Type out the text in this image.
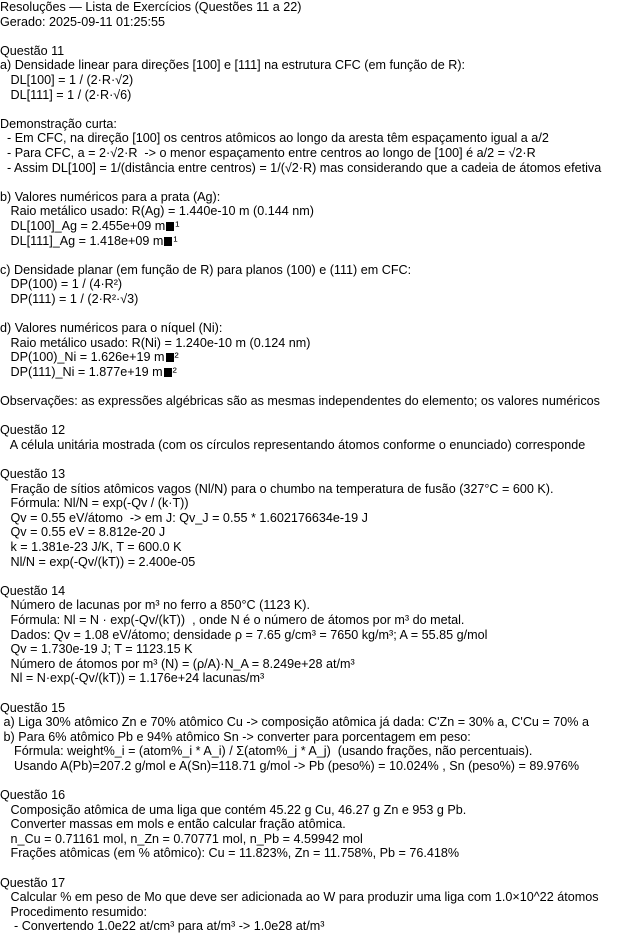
Resoluções — Lista de Exercícios (Questões 11 a 22)
Gerado: 2025-09-11 01:25:55
Questão 11
a) Densidade linear para direções [100] e [111] na estrutura CFC (em função de R):
DL[100] = 1 / (2·R·√2)
DL[111] = 1 / (2·R·√6)
Demonstração curta:
- Em CFC, na direção [100] os centros atômicos ao longo da aresta têm espaçamento igual a a/2
- Para CFC, a = 2·√2·R  -> o menor espaçamento entre centros ao longo de [100] é a/2 = √2·R
- Assim DL[100] = 1/(distância entre centros) = 1/(√2·R) mas considerando que a cadeia de átomos efetiva
b) Valores numéricos para a prata (Ag):
Raio metálico usado: R(Ag) = 1.440e-10 m (0.144 nm)
DL[100]_Ag = 2.455e+09 m ¹
DL[111]_Ag = 1.418e+09 m ¹
c) Densidade planar (em função de R) para planos (100) e (111) em CFC:
DP(100) = 1 / (4·R²)
DP(111) = 1 / (2·R²·√3)
d) Valores numéricos para o níquel (Ni):
Raio metálico usado: R(Ni) = 1.240e-10 m (0.124 nm)
DP(100)_Ni = 1.626e+19 m ²
DP(111)_Ni = 1.877e+19 m ²
Observações: as expressões algébricas são as mesmas independentes do elemento; os valores numéricos
Questão 12
A célula unitária mostrada (com os círculos representando átomos conforme o enunciado) corresponde
Questão 13
Fração de sítios atômicos vagos (Nl/N) para o chumbo na temperatura de fusão (327°C = 600 K).
Fórmula: Nl/N = exp(-Qv / (k·T))
Qv = 0.55 eV/átomo  -> em J: Qv_J = 0.55 * 1.602176634e-19 J
Qv = 0.55 eV = 8.812e-20 J
k = 1.381e-23 J/K, T = 600.0 K
Nl/N = exp(-Qv/(kT)) = 2.400e-05
Questão 14
Número de lacunas por m³ no ferro a 850°C (1123 K).
Fórmula: Nl = N · exp(-Qv/(kT))  , onde N é o número de átomos por m³ do metal.
Dados: Qv = 1.08 eV/átomo; densidade ρ = 7.65 g/cm³ = 7650 kg/m³; A = 55.85 g/mol
Qv = 1.730e-19 J; T = 1123.15 K
Número de átomos por m³ (N) = (ρ/A)·N_A = 8.249e+28 at/m³
Nl = N·exp(-Qv/(kT)) = 1.176e+24 lacunas/m³
Questão 15
a) Liga 30% atômico Zn e 70% atômico Cu -> composição atômica já dada: C'Zn = 30% a, C'Cu = 70% a
b) Para 6% atômico Pb e 94% atômico Sn -> converter para porcentagem em peso:
Fórmula: weight%_i = (atom%_i * A_i) / Σ(atom%_j * A_j)  (usando frações, não percentuais).
Usando A(Pb)=207.2 g/mol e A(Sn)=118.71 g/mol -> Pb (peso%) = 10.024% , Sn (peso%) = 89.976%
Questão 16
Composição atômica de uma liga que contém 45.22 g Cu, 46.27 g Zn e 953 g Pb.
Converter massas em mols e então calcular fração atômica.
n_Cu = 0.71161 mol, n_Zn = 0.70771 mol, n_Pb = 4.59942 mol
Frações atômicas (em % atômico): Cu = 11.823%, Zn = 11.758%, Pb = 76.418%
Questão 17
Calcular % em peso de Mo que deve ser adicionada ao W para produzir uma liga com 1.0×10^22 átomos
Procedimento resumido:
- Convertendo 1.0e22 at/cm³ para at/m³ -> 1.0e28 at/m³
